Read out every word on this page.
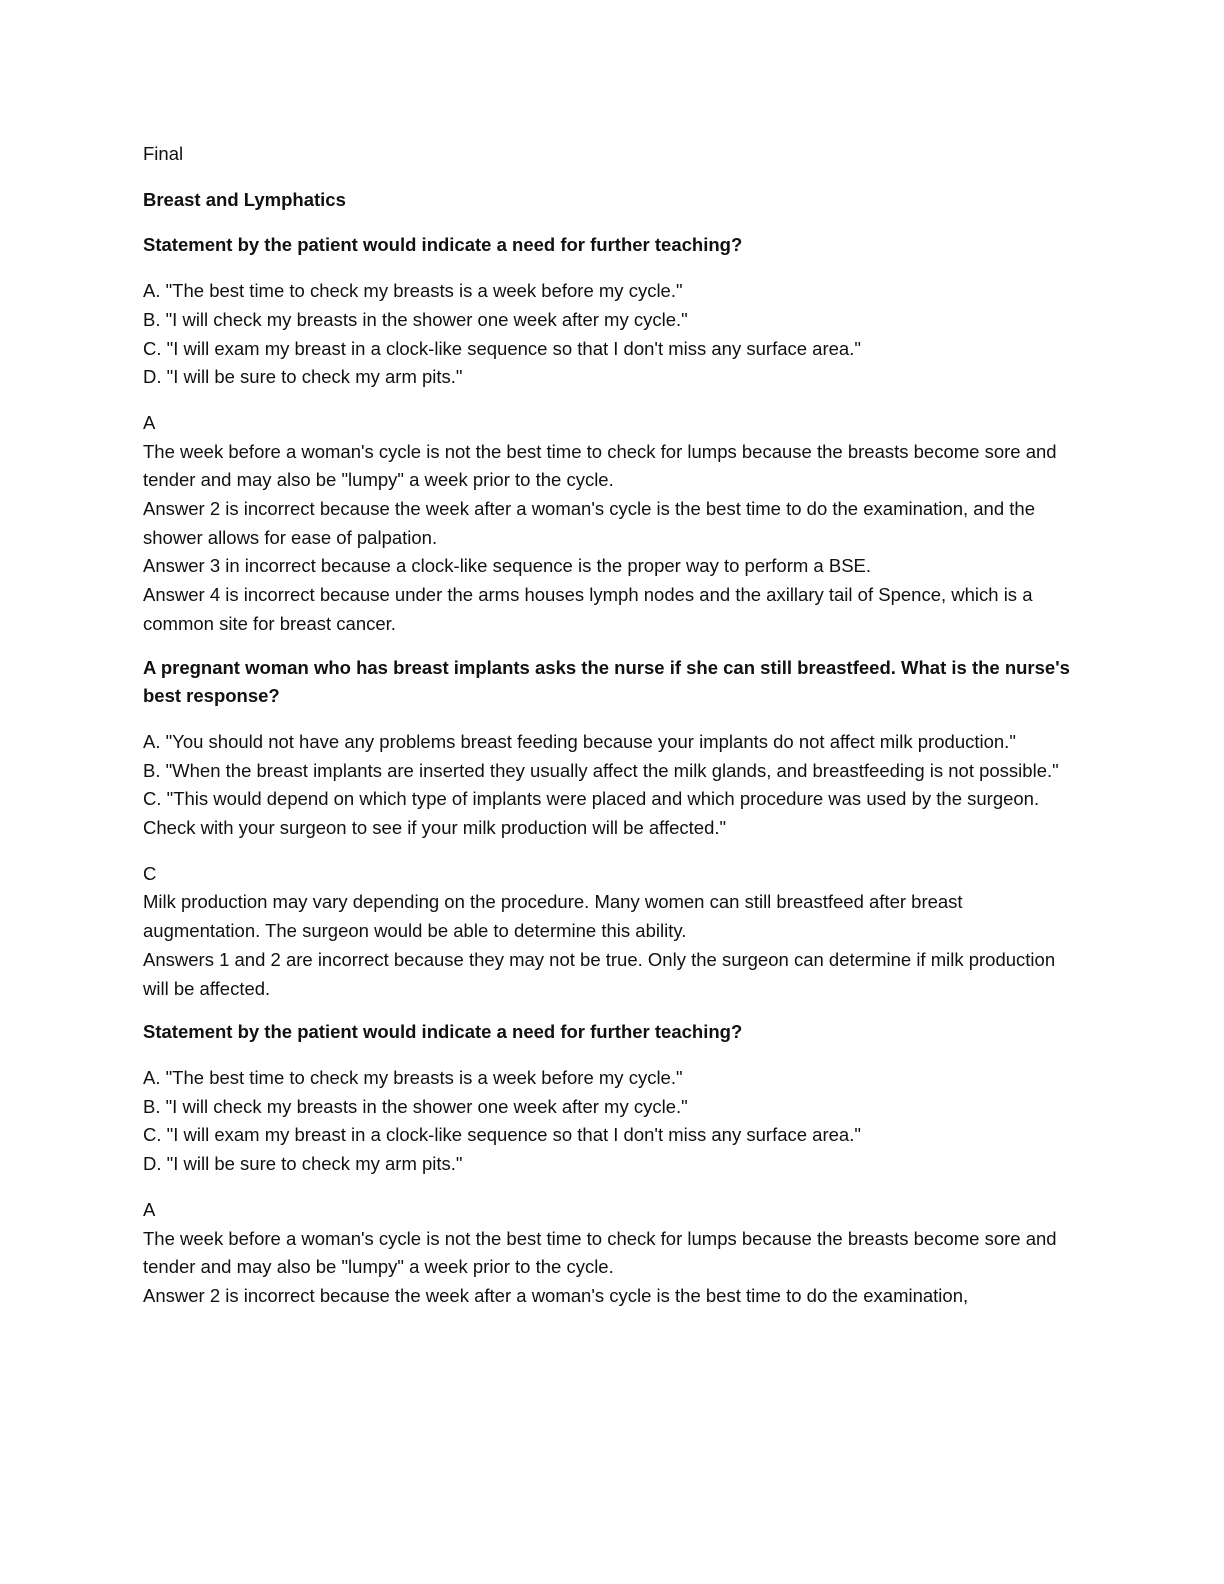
Final

Breast and Lymphatics

Statement by the patient would indicate a need for further teaching?

A. "The best time to check my breasts is a week before my cycle."

B. "I will check my breasts in the shower one week after my cycle."

C. "I will exam my breast in a clock-like sequence so that I don't miss any surface area."

D. "I will be sure to check my arm pits."

A

The week before a woman's cycle is not the best time to check for lumps because the breasts become sore and tender and may also be "lumpy" a week prior to the cycle.

Answer 2 is incorrect because the week after a woman's cycle is the best time to do the examination, and the shower allows for ease of palpation.

Answer 3 in incorrect because a clock-like sequence is the proper way to perform a BSE.

Answer 4 is incorrect because under the arms houses lymph nodes and the axillary tail of Spence, which is a common site for breast cancer.

A pregnant woman who has breast implants asks the nurse if she can still breastfeed. What is the nurse's best response?

A. "You should not have any problems breast feeding because your implants do not affect milk production."

B. "When the breast implants are inserted they usually affect the milk glands, and breastfeeding is not possible."

C. "This would depend on which type of implants were placed and which procedure was used by the surgeon. Check with your surgeon to see if your milk production will be affected."

C

Milk production may vary depending on the procedure. Many women can still breastfeed after breast augmentation. The surgeon would be able to determine this ability.

Answers 1 and 2 are incorrect because they may not be true. Only the surgeon can determine if milk production will be affected.

Statement by the patient would indicate a need for further teaching?

A. "The best time to check my breasts is a week before my cycle."

B. "I will check my breasts in the shower one week after my cycle."

C. "I will exam my breast in a clock-like sequence so that I don't miss any surface area."

D. "I will be sure to check my arm pits."

A

The week before a woman's cycle is not the best time to check for lumps because the breasts become sore and tender and may also be "lumpy" a week prior to the cycle.

Answer 2 is incorrect because the week after a woman's cycle is the best time to do the examination,
